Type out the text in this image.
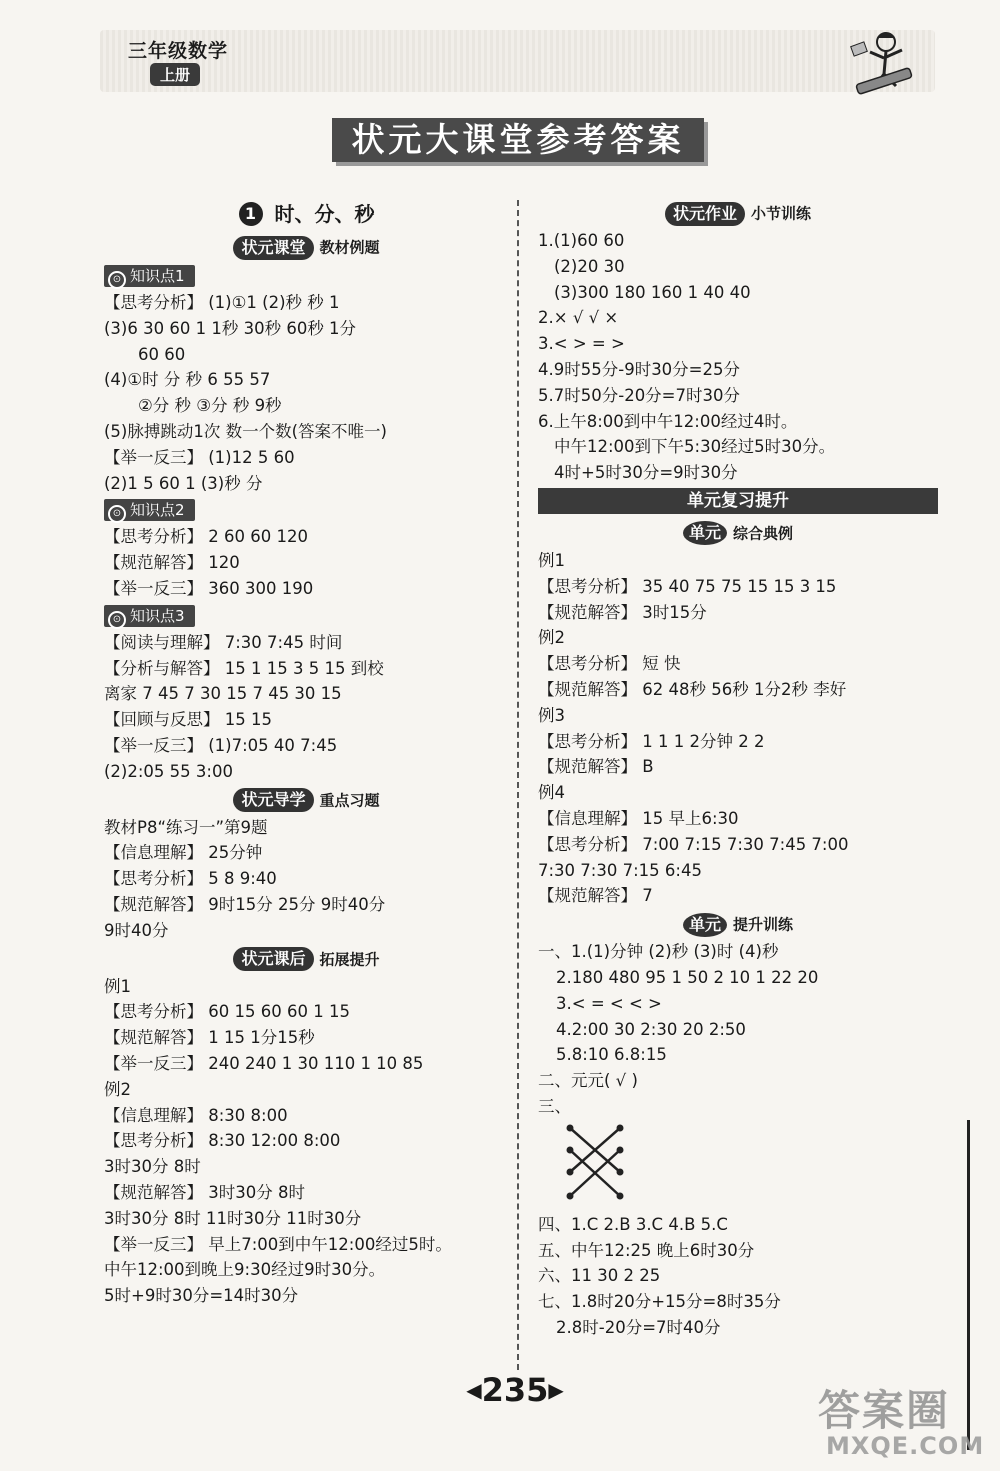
三年级数学
上册
状元大课堂参考答案
1 时、分、秒
状元课堂 教材例题
⊙ 知识点1
【思考分析】 (1)①1 (2)秒 秒 1
(3)6 30 60 1 1秒 30秒 60秒 1分
60 60
(4)①时 分 秒 6 55 57
②分 秒 ③分 秒 9秒
(5)脉搏跳动1次 数一个数(答案不唯一)
【举一反三】 (1)12 5 60
(2)1 5 60 1 (3)秒 分
⊙ 知识点2
【思考分析】 2 60 60 120
【规范解答】 120
【举一反三】 360 300 190
⊙ 知识点3
【阅读与理解】 7:30 7:45 时间
【分析与解答】 15 1 15 3 5 15 到校
离家 7 45 7 30 15 7 45 30 15
【回顾与反思】 15 15
【举一反三】 (1)7:05 40 7:45
(2)2:05 55 3:00
状元导学 重点习题
教材P8“练习一”第9题
【信息理解】 25分钟
【思考分析】 5 8 9:40
【规范解答】 9时15分 25分 9时40分
9时40分
状元课后 拓展提升
例1
【思考分析】 60 15 60 60 1 15
【规范解答】 1 15 1分15秒
【举一反三】 240 240 1 30 110 1 10 85
例2
【信息理解】 8:30 8:00
【思考分析】 8:30 12:00 8:00
3时30分 8时
【规范解答】 3时30分 8时
3时30分 8时 11时30分 11时30分
【举一反三】 早上7:00到中午12:00经过5时。
中午12:00到晚上9:30经过9时30分。
5时+9时30分=14时30分
状元作业 小节训练
1.(1)60 60
(2)20 30
(3)300 180 160 1 40 40
2.× √ √ ×
3.< > = >
4.9时55分-9时30分=25分
5.7时50分-20分=7时30分
6.上午8:00到中午12:00经过4时。
中午12:00到下午5:30经过5时30分。
4时+5时30分=9时30分
单元复习提升
单元 综合典例
例1
【思考分析】 35 40 75 75 15 15 3 15
【规范解答】 3时15分
例2
【思考分析】 短 快
【规范解答】 62 48秒 56秒 1分2秒 李好
例3
【思考分析】 1 1 1 2分钟 2 2
【规范解答】 B
例4
【信息理解】 15 早上6:30
【思考分析】 7:00 7:15 7:30 7:45 7:00
7:30 7:30 7:15 6:45
【规范解答】 7
单元 提升训练
一、1.(1)分钟 (2)秒 (3)时 (4)秒
2.180 480 95 1 50 2 10 1 22 20
3.< = < < >
4.2:00 30 2:30 20 2:50
5.8:10 6.8:15
二、元元( √ )
三、
四、1.C 2.B 3.C 4.B 5.C
五、中午12:25 晚上6时30分
六、11 30 2 25
七、1.8时20分+15分=8时35分
2.8时-20分=7时40分
◀235▶	答案圈
MXQE.COM
